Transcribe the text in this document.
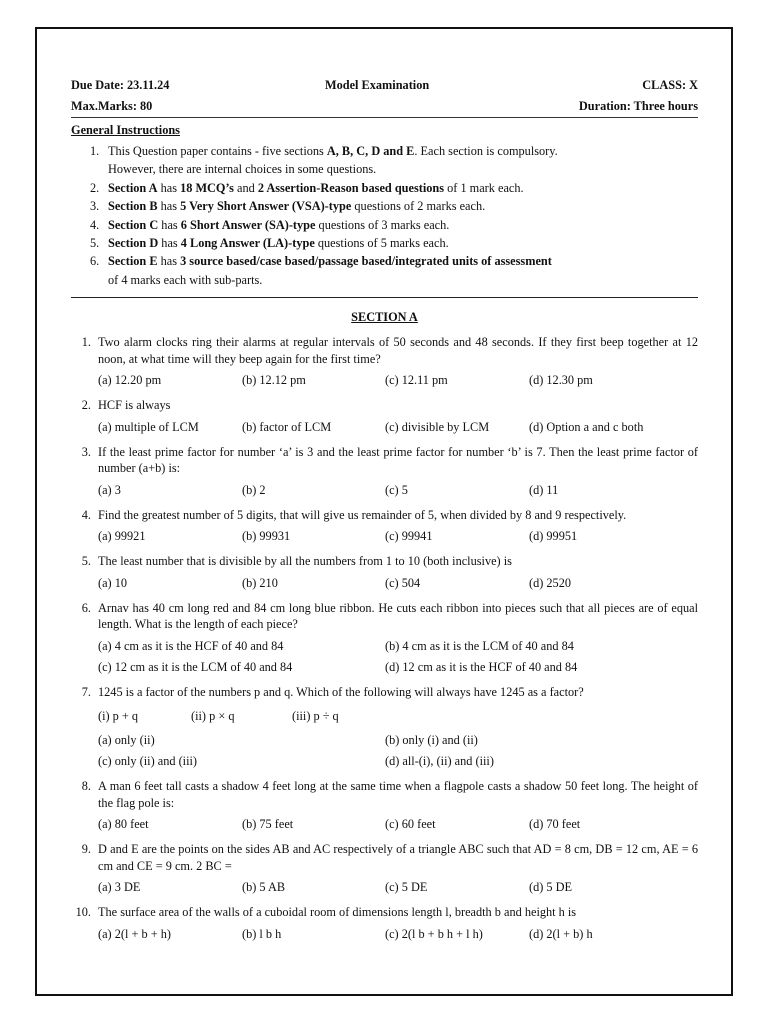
Due Date: 23.11.24	Model Examination	CLASS: X
Max.Marks: 80	Duration: Three hours
General Instructions
1. This Question paper contains - five sections A, B, C, D and E. Each section is compulsory.
However, there are internal choices in some questions.
2. Section A has 18 MCQ’s and 2 Assertion-Reason based questions of 1 mark each.
3. Section B has 5 Very Short Answer (VSA)-type questions of 2 marks each.
4. Section C has 6 Short Answer (SA)-type questions of 3 marks each.
5. Section D has 4 Long Answer (LA)-type questions of 5 marks each.
6. Section E has 3 source based/case based/passage based/integrated units of assessment
of 4 marks each with sub-parts.
SECTION A
1. Two alarm clocks ring their alarms at regular intervals of 50 seconds and 48 seconds. If they first beep together at 12 noon, at what time will they beep again for the first time?
(a) 12.20 pm	(b) 12.12 pm	(c) 12.11 pm	(d) 12.30 pm
2. HCF is always
(a) multiple of LCM	(b) factor of LCM	(c) divisible by LCM	(d) Option a and c both
3. If the least prime factor for number ‘a’ is 3 and the least prime factor for number ‘b’ is 7. Then the least prime factor of number (a+b) is:
(a) 3	(b) 2	(c) 5	(d) 11
4. Find the greatest number of 5 digits, that will give us remainder of 5, when divided by 8 and 9 respectively.
(a) 99921	(b) 99931	(c) 99941	(d) 99951
5. The least number that is divisible by all the numbers from 1 to 10 (both inclusive) is
(a) 10	(b) 210	(c) 504	(d) 2520
6. Arnav has 40 cm long red and 84 cm long blue ribbon. He cuts each ribbon into pieces such that all pieces are of equal length. What is the length of each piece?
(a) 4 cm as it is the HCF of 40 and 84	(b) 4 cm as it is the LCM of 40 and 84
(c) 12 cm as it is the LCM of 40 and 84	(d) 12 cm as it is the HCF of 40 and 84
7. 1245 is a factor of the numbers p and q. Which of the following will always have 1245 as a factor?
(i) p + q	(ii) p × q	(iii) p ÷ q
(a) only (ii)	(b) only (i) and (ii)
(c) only (ii) and (iii)	(d) all-(i), (ii) and (iii)
8. A man 6 feet tall casts a shadow 4 feet long at the same time when a flagpole casts a shadow 50 feet long. The height of the flag pole is:
(a) 80 feet	(b) 75 feet	(c) 60 feet	(d) 70 feet
9. D and E are the points on the sides AB and AC respectively of a triangle ABC such that AD = 8 cm, DB = 12 cm, AE = 6 cm and CE = 9 cm. 2 BC =
(a) 3 DE	(b) 5 AB	(c) 5 DE	(d) 5 DE
10. The surface area of the walls of a cuboidal room of dimensions length l, breadth b and height h is
(a) 2(l + b + h)	(b) l b h	(c) 2(l b + b h + l h)	(d) 2(l + b) h
